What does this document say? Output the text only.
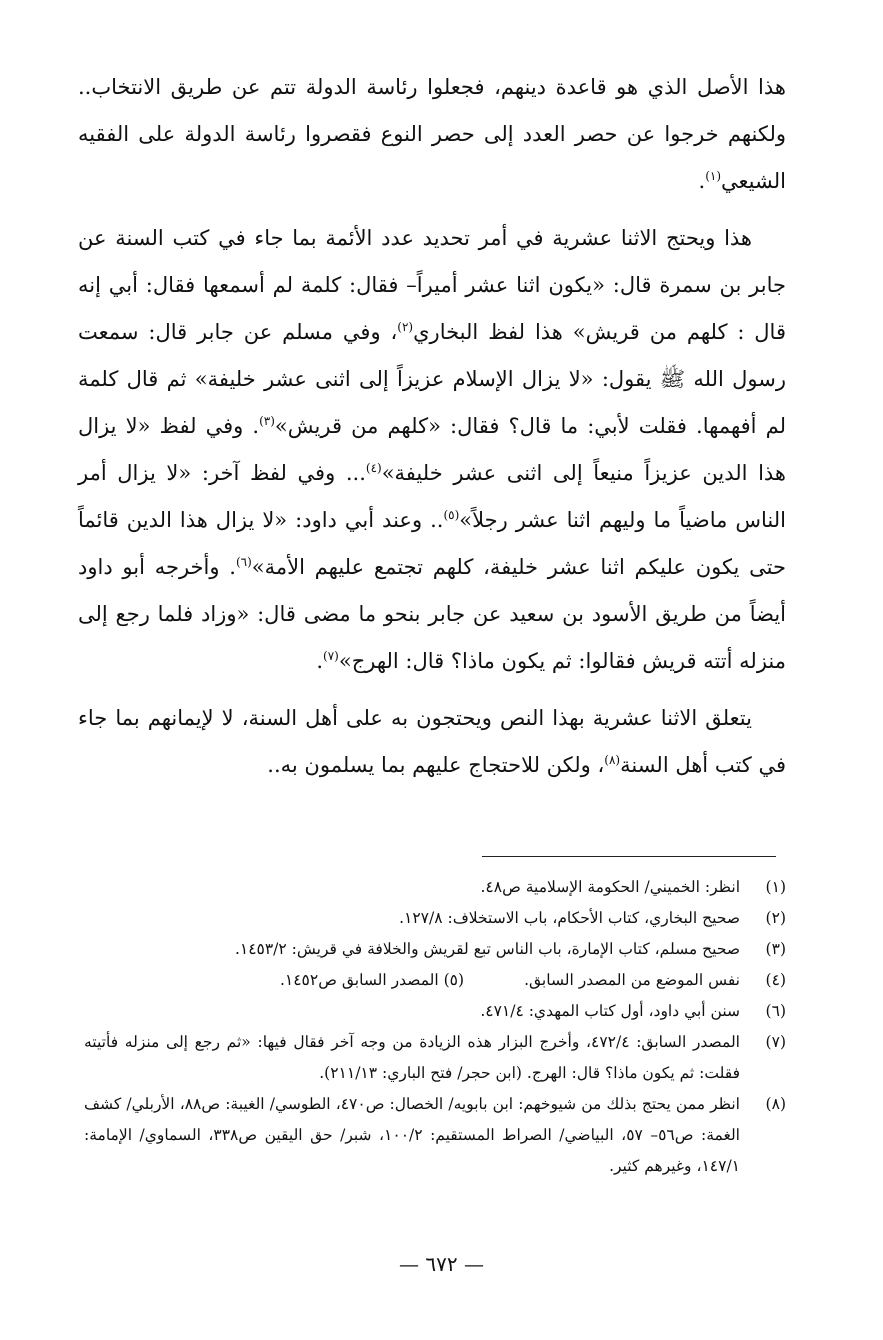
هذا الأصل الذي هو قاعدة دينهم، فجعلوا رئاسة الدولة تتم عن طريق الانتخاب.. ولكنهم خرجوا عن حصر العدد إلى حصر النوع فقصروا رئاسة الدولة على الفقيه الشيعي$^{(١)}$.

هذا ويحتج الاثنا عشرية في أمر تحديد عدد الأئمة بما جاء في كتب السنة عن جابر بن سمرة قال: «يكون اثنا عشر أميراً– فقال: كلمة لم أسمعها فقال: أبي إنه قال : كلهم من قريش» هذا لفظ البخاري$^{(٢)}$، وفي مسلم عن جابر قال: سمعت رسول الله ﷺ يقول: «لا يزال الإسلام عزيزاً إلى اثنى عشر خليفة» ثم قال كلمة لم أفهمها. فقلت لأبي: ما قال؟ فقال: «كلهم من قريش»$^{(٣)}$. وفي لفظ «لا يزال هذا الدين عزيزاً منيعاً إلى اثنى عشر خليفة»$^{(٤)}$... وفي لفظ آخر: «لا يزال أمر الناس ماضياً ما وليهم اثنا عشر رجلاً»$^{(٥)}$.. وعند أبي داود: «لا يزال هذا الدين قائماً حتى يكون عليكم اثنا عشر خليفة، كلهم تجتمع عليهم الأمة»$^{(٦)}$. وأخرجه أبو داود أيضاً من طريق الأسود بن سعيد عن جابر بنحو ما مضى قال: «وزاد فلما رجع إلى منزله أتته قريش فقالوا: ثم يكون ماذا؟ قال: الهرج»$^{(٧)}$.

يتعلق الاثنا عشرية بهذا النص ويحتجون به على أهل السنة، لا لإيمانهم بما جاء في كتب أهل السنة$^{(٨)}$، ولكن للاحتجاج عليهم بما يسلمون به..

(١)
انظر: الخميني/ الحكومة الإسلامية ص٤٨.
(٢)
صحيح البخاري، كتاب الأحكام، باب الاستخلاف: ١٢٧/٨.
(٣)
صحيح مسلم، كتاب الإمارة، باب الناس تبع لقريش والخلافة في قريش: ١٤٥٣/٢.
(٤)
نفس الموضع من المصدر السابق.(٥) المصدر السابق ص١٤٥٢.
(٦)
سنن أبي داود، أول كتاب المهدي: ٤٧١/٤.
(٧)
المصدر السابق: ٤٧٢/٤، وأخرج البزار هذه الزيادة من وجه آخر فقال فيها: «ثم رجع إلى منزله فأتيته فقلت: ثم يكون ماذا؟ قال: الهرج. (ابن حجر/ فتح الباري: ٢١١/١٣).
(٨)
انظر ممن يحتج بذلك من شيوخهم: ابن بابويه/ الخصال: ص٤٧٠، الطوسي/ الغيبة: ص٨٨، الأربلي/ كشف الغمة: ص٥٦– ٥٧، البياضي/ الصراط المستقيم: ١٠٠/٢، شبر/ حق اليقين ص٣٣٨، السماوي/ الإمامة: ١٤٧/١، وغيرهم كثير.
— ٦٧٢ —
